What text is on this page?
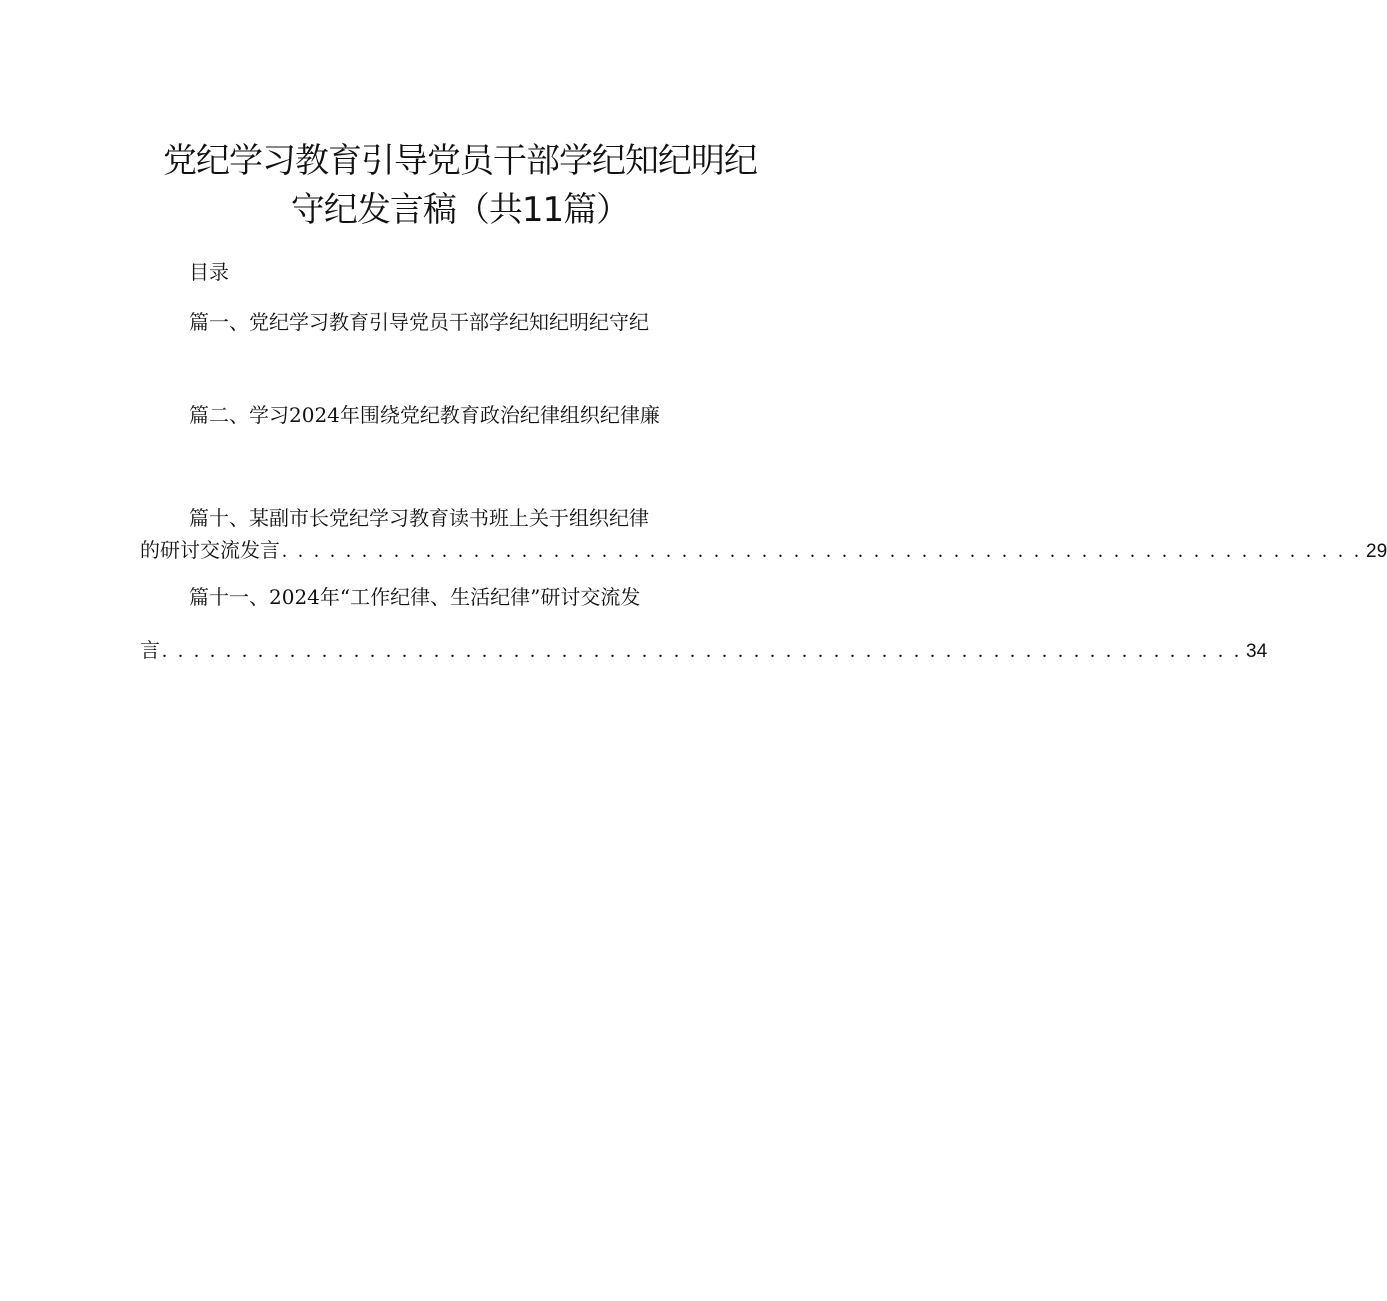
党纪学习教育引导党员干部学纪知纪明纪
守纪发言稿（共11篇）
目录
篇一、党纪学习教育引导党员干部学纪知纪明纪守纪
篇二、学习2024年围绕党纪教育政治纪律组织纪律廉
篇十、某副市长党纪学习教育读书班上关于组织纪律
的研讨交流发言 . . . . . . . . . . . . . . . . . . . . . . . . . . . . . . . . . . . . . . . . . . . . . . . . . . . . . . . . . . . . . . . . . . . . 29
篇十一、2024年“工作纪律、生活纪律”研讨交流发
言 . . . . . . . . . . . . . . . . . . . . . . . . . . . . . . . . . . . . . . . . . . . . . . . . . . . . . . . . . . . . . . . . . . . . 34
